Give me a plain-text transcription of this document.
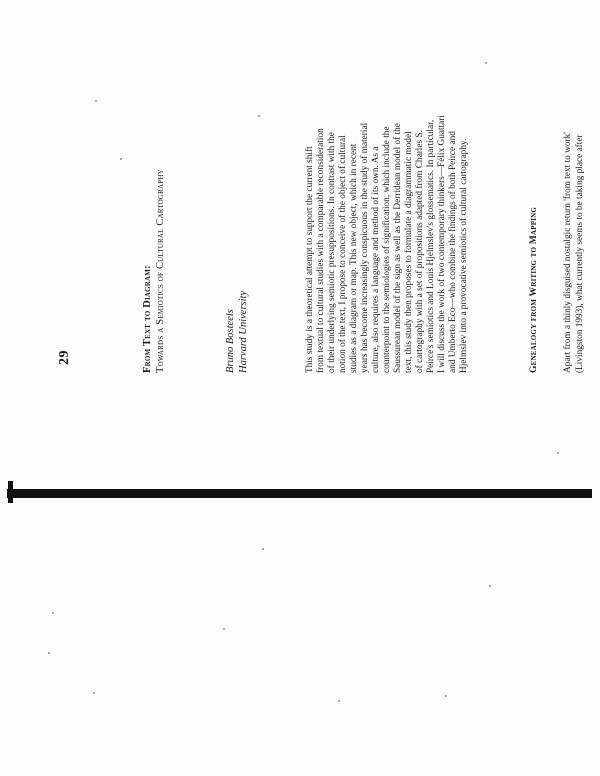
29	From Text to Diagram: Towards a Semiotics of Cultural Cartography	Bruno Bosteels Harvard University	This study is a theoretical attempt to support the current shift from textual to cultural studies with a comparable reconsideration of their underlying semiotic presuppositions. In contrast with the notion of the text, I propose to conceive of the object of cultural studies as a diagram or map. This new object, which in recent years has become increasingly conspicuous in the study of material culture, also requires a language and method of its own. As a counterpoint to the semiologies of signification, which include the Saussurean model of the sign as well as the Derridean model of the text, this study then proposes to formulate a diagrammatic model of cartography with a set of propositions adapted from Charles S. Peirce's semiotics and Louis Hjelmslev's glossematics. In particular, I will discuss the work of two contemporary thinkers—Félix Guattari and Umberto Eco—who combine the findings of both Peirce and Hjelmslev into a provocative semiotics of cultural cartography.	Genealogy from Writing to Mapping	Apart from a thinly disguised nostalgic return 'from text to work' (Livingston 1993), what currently seems to be taking place after
